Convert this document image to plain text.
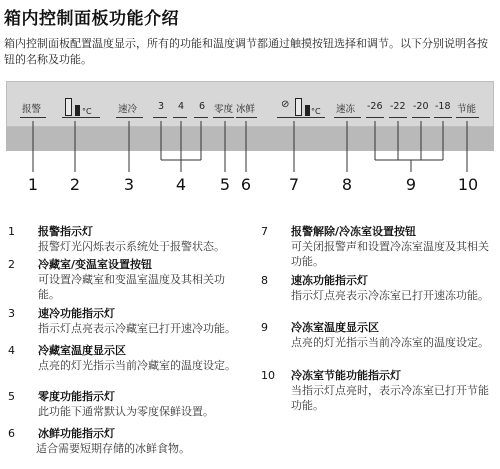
箱内控制面板功能介绍
箱内控制面板配置温度显示，所有的功能和温度调节都通过触摸按钮选择和调节。以下分别说明各按钮的名称及功能。
报警	°C	速冷 3 4 6 零度 冰鲜	⊘
°C 速冻 -26 -22 -20 -18 节能
1	2	3	4	5 6	7	8	9	10
1 报警指示灯
报警灯光闪烁表示系统处于报警状态。
2 冷藏室/变温室设置按钮
可设置冷藏室和变温室温度及其相关功能。
3 速冷功能指示灯
指示灯点亮表示冷藏室已打开速冷功能。
4 冷藏室温度显示区
点亮的灯光指示当前冷藏室的温度设定。
5 零度功能指示灯
此功能下通常默认为零度保鲜设置。
6 冰鲜功能指示灯
适合需要短期存储的冰鲜食物。
7 报警解除/冷冻室设置按钮
可关闭报警声和设置冷冻室温度及其相关功能。
8 速冻功能指示灯
指示灯点亮表示冷冻室已打开速冻功能。
9 冷冻室温度显示区
点亮的灯光指示当前冷冻室的温度设定。
10 冷冻室节能功能指示灯
当指示灯点亮时，表示冷冻室已打开节能功能。
